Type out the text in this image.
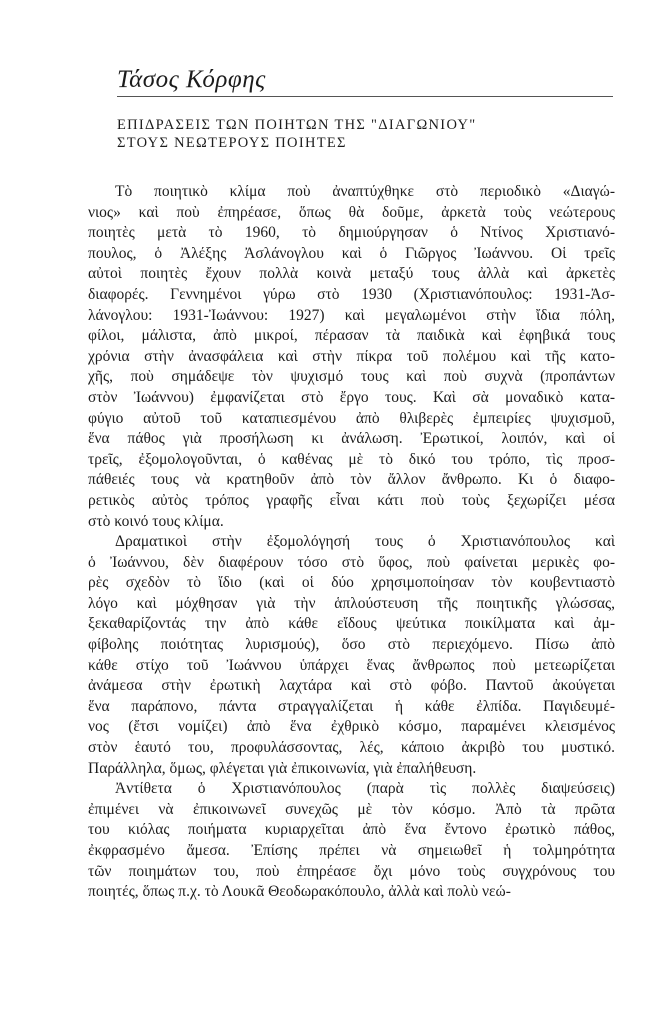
Τάσος Κόρφης
ΕΠΙΔΡΑΣΕΙΣ ΤΩΝ ΠΟΙΗΤΩΝ ΤΗΣ "ΔΙΑΓΩΝΙΟΥ"
ΣΤΟΥΣ ΝΕΩΤΕΡΟΥΣ ΠΟΙΗΤΕΣ
Τὸ ποιητικὸ κλίμα ποὺ ἀναπτύχθηκε στὸ περιοδικὸ «Διαγώ-
νιος» καὶ ποὺ ἐπηρέασε, ὅπως θὰ δοῦμε, ἀρκετὰ τοὺς νεώτερους
ποιητὲς μετὰ τὸ 1960, τὸ δημιούργησαν ὁ Ντίνος Χριστιανό-
πουλος, ὁ Ἀλέξης Ἀσλάνογλου καὶ ὁ Γιῶργος Ἰωάννου. Οἱ τρεῖς
αὐτοὶ ποιητὲς ἔχουν πολλὰ κοινὰ μεταξύ τους ἀλλὰ καὶ ἀρκετὲς
διαφορές. Γεννημένοι γύρω στὸ 1930 (Χριστιανόπουλος: 1931-Ἀσ-
λάνογλου: 1931-Ἰωάννου: 1927) καὶ μεγαλωμένοι στὴν ἴδια πόλη,
φίλοι, μάλιστα, ἀπὸ μικροί, πέρασαν τὰ παιδικὰ καὶ ἐφηβικά τους
χρόνια στὴν ἀνασφάλεια καὶ στὴν πίκρα τοῦ πολέμου καὶ τῆς κατο-
χῆς, ποὺ σημάδεψε τὸν ψυχισμό τους καὶ ποὺ συχνὰ (προπάντων
στὸν Ἰωάννου) ἐμφανίζεται στὸ ἔργο τους. Καὶ σὰ μοναδικὸ κατα-
φύγιο αὐτοῦ τοῦ καταπιεσμένου ἀπὸ θλιβερὲς ἐμπειρίες ψυχισμοῦ,
ἕνα πάθος γιὰ προσήλωση κι ἀνάλωση. Ἐρωτικοί, λοιπόν, καὶ οἱ
τρεῖς, ἐξομολογοῦνται, ὁ καθένας μὲ τὸ δικό του τρόπο, τὶς προσ-
πάθειές τους νὰ κρατηθοῦν ἀπὸ τὸν ἄλλον ἄνθρωπο. Κι ὁ διαφο-
ρετικὸς αὐτὸς τρόπος γραφῆς εἶναι κάτι ποὺ τοὺς ξεχωρίζει μέσα
στὸ κοινό τους κλίμα.
Δραματικοὶ στὴν ἐξομολόγησή τους ὁ Χριστιανόπουλος καὶ
ὁ Ἰωάννου, δὲν διαφέρουν τόσο στὸ ὕφος, ποὺ φαίνεται μερικὲς φο-
ρὲς σχεδὸν τὸ ἴδιο (καὶ οἱ δύο χρησιμοποίησαν τὸν κουβεντιαστὸ
λόγο καὶ μόχθησαν γιὰ τὴν ἁπλούστευση τῆς ποιητικῆς γλώσσας,
ξεκαθαρίζοντάς την ἀπὸ κάθε εἴδους ψεύτικα ποικίλματα καὶ ἀμ-
φίβολης ποιότητας λυρισμούς), ὅσο στὸ περιεχόμενο. Πίσω ἀπὸ
κάθε στίχο τοῦ Ἰωάννου ὑπάρχει ἕνας ἄνθρωπος ποὺ μετεωρίζεται
ἀνάμεσα στὴν ἐρωτικὴ λαχτάρα καὶ στὸ φόβο. Παντοῦ ἀκούγεται
ἕνα παράπονο, πάντα στραγγαλίζεται ἡ κάθε ἐλπίδα. Παγιδευμέ-
νος (ἔτσι νομίζει) ἀπὸ ἕνα ἐχθρικὸ κόσμο, παραμένει κλεισμένος
στὸν ἑαυτό του, προφυλάσσοντας, λές, κάποιο ἀκριβὸ του μυστικό.
Παράλληλα, ὅμως, φλέγεται γιὰ ἐπικοινωνία, γιὰ ἐπαλήθευση.
Ἀντίθετα ὁ Χριστιανόπουλος (παρὰ τὶς πολλὲς διαψεύσεις)
ἐπιμένει νὰ ἐπικοινωνεῖ συνεχῶς μὲ τὸν κόσμο. Ἀπὸ τὰ πρῶτα
του κιόλας ποιήματα κυριαρχεῖται ἀπὸ ἕνα ἔντονο ἐρωτικὸ πάθος,
ἐκφρασμένο ἄμεσα. Ἐπίσης πρέπει νὰ σημειωθεῖ ἡ τολμηρότητα
τῶν ποιημάτων του, ποὺ ἐπηρέασε ὄχι μόνο τοὺς συγχρόνους του
ποιητές, ὅπως π.χ. τὸ Λουκᾶ Θεοδωρακόπουλο, ἀλλὰ καὶ πολὺ νεώ-
